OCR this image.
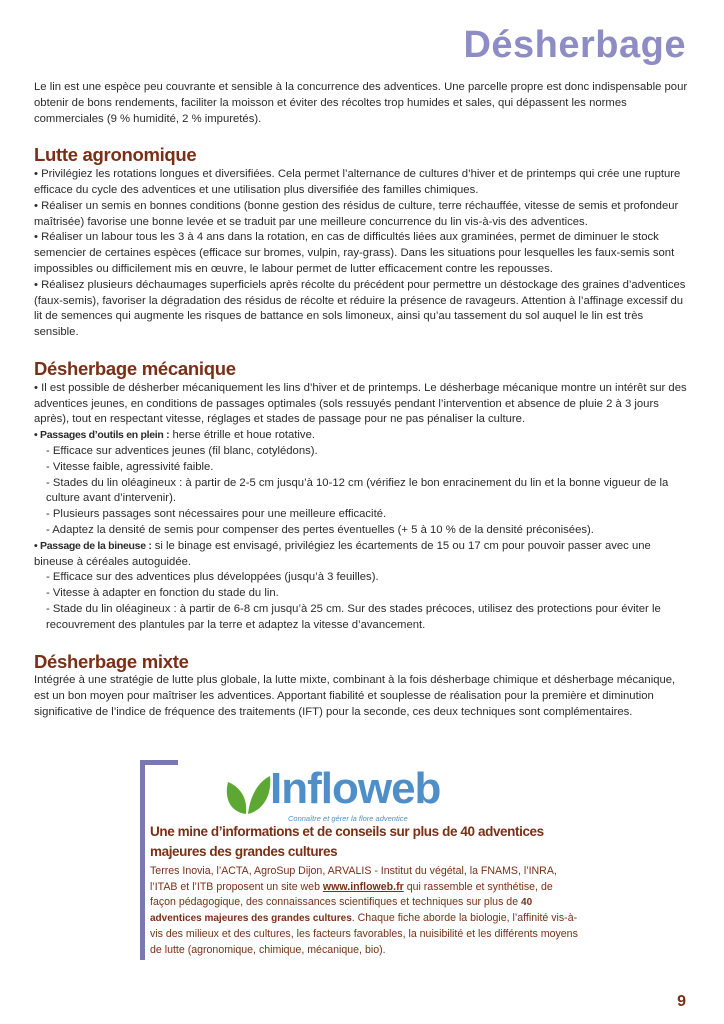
Désherbage

Le lin est une espèce peu couvrante et sensible à la concurrence des adventices. Une parcelle propre est donc indispensable pour obtenir de bons rendements, faciliter la moisson et éviter des récoltes trop humides et sales, qui dépassent les normes commerciales (9 % humidité, 2 % impuretés).

Lutte agronomique

• Privilégiez les rotations longues et diversifiées. Cela permet l’alternance de cultures d’hiver et de printemps qui crée une rupture efficace du cycle des adventices et une utilisation plus diversifiée des familles chimiques.

• Réaliser un semis en bonnes conditions (bonne gestion des résidus de culture, terre réchauffée, vitesse de semis et profondeur maîtrisée) favorise une bonne levée et se traduit par une meilleure concurrence du lin vis-à-vis des adventices.

• Réaliser un labour tous les 3 à 4 ans dans la rotation, en cas de difficultés liées aux graminées, permet de diminuer le stock semencier de certaines espèces (efficace sur bromes, vulpin, ray-grass). Dans les situations pour lesquelles les faux-semis sont impossibles ou difficilement mis en œuvre, le labour permet de lutter efficacement contre les repousses.

• Réalisez plusieurs déchaumages superficiels après récolte du précédent pour permettre un déstockage des graines d’adventices (faux-semis), favoriser la dégradation des résidus de récolte et réduire la présence de ravageurs. Attention à l’affinage excessif du lit de semences qui augmente les risques de battance en sols limoneux, ainsi qu’au tassement du sol auquel le lin est très sensible.

Désherbage mécanique

• Il est possible de désherber mécaniquement les lins d’hiver et de printemps. Le désherbage mécanique montre un intérêt sur des adventices jeunes, en conditions de passages optimales (sols ressuyés pendant l’intervention et absence de pluie 2 à 3 jours après), tout en respectant vitesse, réglages et stades de passage pour ne pas pénaliser la culture.

• Passages d’outils en plein : herse étrille et houe rotative.

- Efficace sur adventices jeunes (fil blanc, cotylédons).

- Vitesse faible, agressivité faible.

- Stades du lin oléagineux : à partir de 2-5 cm jusqu’à 10-12 cm (vérifiez le bon enracinement du lin et la bonne vigueur de la culture avant d’intervenir).

- Plusieurs passages sont nécessaires pour une meilleure efficacité.

- Adaptez la densité de semis pour compenser des pertes éventuelles (+ 5 à 10 % de la densité préconisées).

• Passage de la bineuse : si le binage est envisagé, privilégiez les écartements de 15 ou 17 cm pour pouvoir passer avec une bineuse à céréales autoguidée.

- Efficace sur des adventices plus développées (jusqu’à 3 feuilles).

- Vitesse à adapter en fonction du stade du lin.

- Stade du lin oléagineux : à partir de 6-8 cm jusqu’à 25 cm. Sur des stades précoces, utilisez des protections pour éviter le recouvrement des plantules par la terre et adaptez la vitesse d’avancement.

Désherbage mixte

Intégrée à une stratégie de lutte plus globale, la lutte mixte, combinant à la fois désherbage chimique et désherbage mécanique, est un bon moyen pour maîtriser les adventices. Apportant fiabilité et souplesse de réalisation pour la première et diminution significative de l’indice de fréquence des traitements (IFT) pour la seconde, ces deux techniques sont complémentaires.

Infloweb
Connaître et gérer la flore adventice
Une mine d’informations et de conseils sur plus de 40 adventices majeures des grandes cultures
Terres Inovia, l’ACTA, AgroSup Dijon, ARVALIS - Institut du végétal, la FNAMS, l’INRA, l’ITAB et l’ITB proposent un site web www.infloweb.fr qui rassemble et synthétise, de façon pédagogique, des connaissances scientifiques et techniques sur plus de 40 adventices majeures des grandes cultures. Chaque fiche aborde la biologie, l’affinité vis-à-vis des milieux et des cultures, les facteurs favorables, la nuisibilité et les différents moyens de lutte (agronomique, chimique, mécanique, bio).
9
